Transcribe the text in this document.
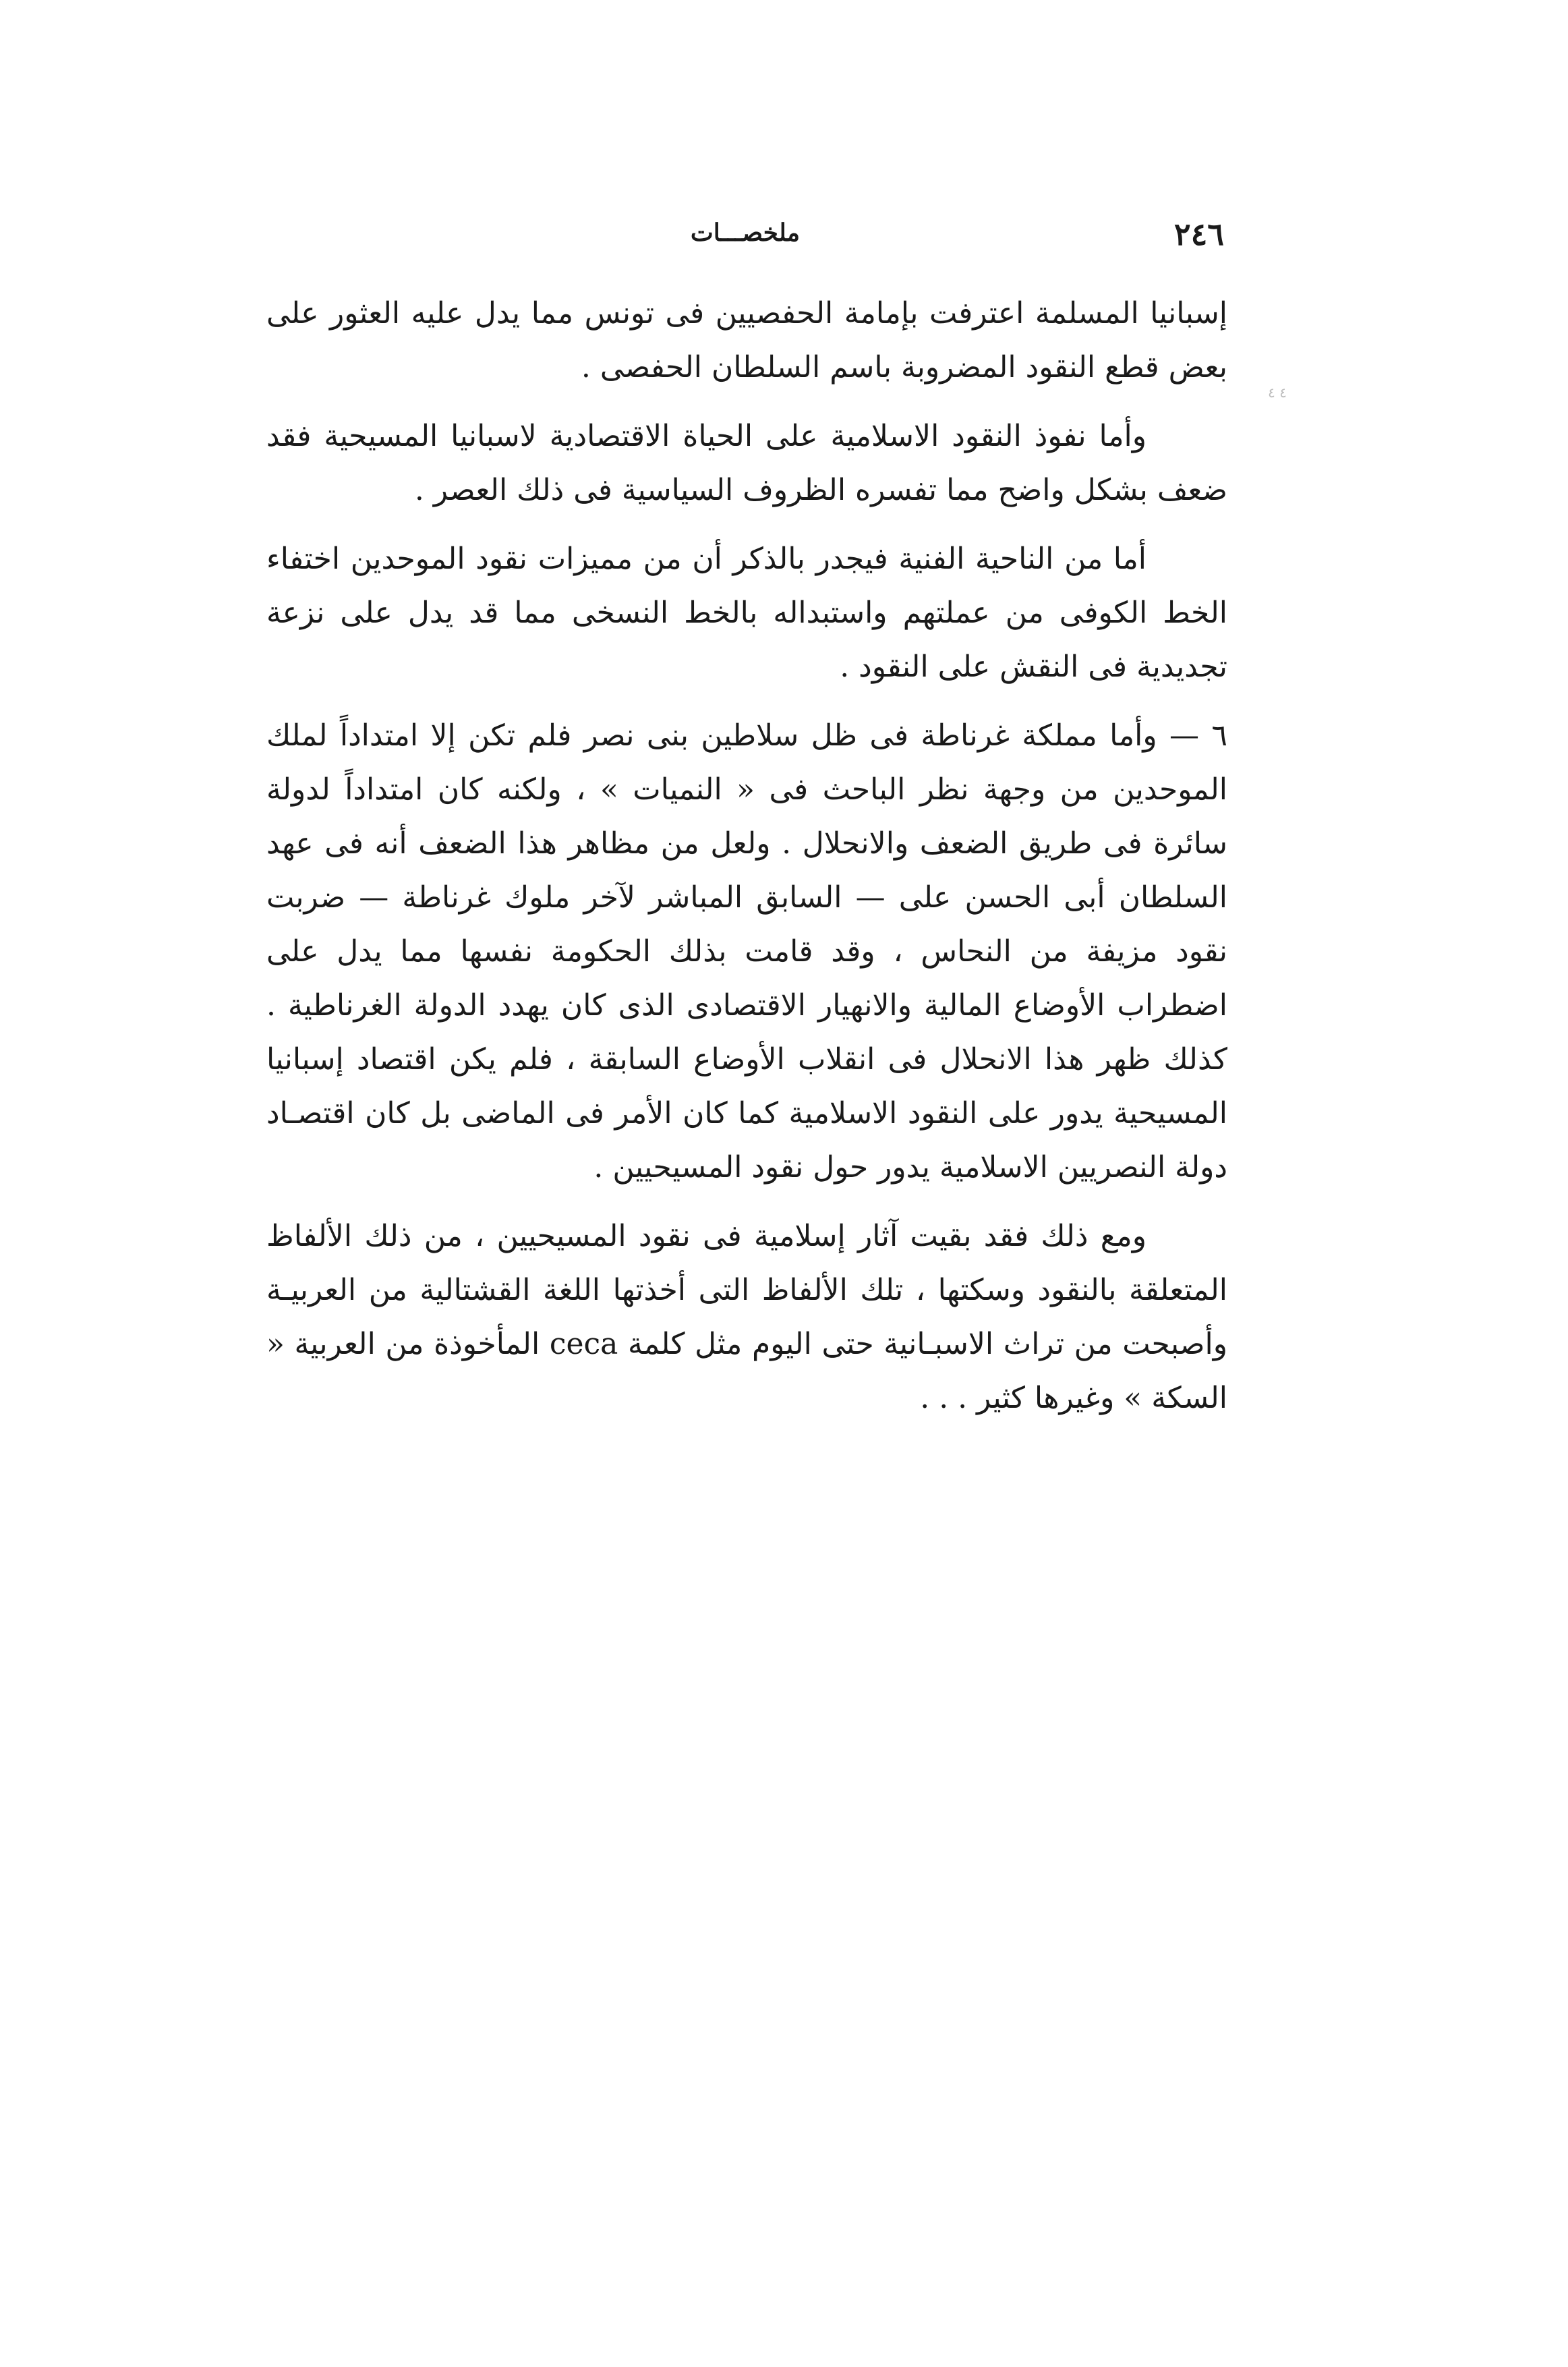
٢٤٦
ملخصـــات
٤ ٤

إسبانيا المسلمة اعترفت بإمامة الحفصيين فى تونس مما يدل عليه العثور على بعض قطع النقود المضروبة باسم السلطان الحفصى .

وأما نفوذ النقود الاسلامية على الحياة الاقتصادية لاسبانيا المسيحية فقد ضعف بشكل واضح مما تفسره الظروف السياسية فى ذلك العصر .

أما من الناحية الفنية فيجدر بالذكر أن من مميزات نقود الموحدين اختفاء الخط الكوفى من عملتهم واستبداله بالخط النسخى مما قد يدل على نزعة تجديدية فى النقش على النقود .

٦ — وأما مملكة غرناطة فى ظل سلاطين بنى نصر فلم تكن إلا امتداداً لملك الموحدين من وجهة نظر الباحث فى « النميات » ، ولكنه كان امتداداً لدولة سائرة فى طريق الضعف والانحلال . ولعل من مظاهر هذا الضعف أنه فى عهد السلطان أبى الحسن على — السابق المباشر لآخر ملوك غرناطة — ضربت نقود مزيفة من النحاس ، وقد قامت بذلك الحكومة نفسها مما يدل على اضطراب الأوضاع المالية والانهيار الاقتصادى الذى كان يهدد الدولة الغرناطية . كذلك ظهر هذا الانحلال فى انقلاب الأوضاع السابقة ، فلم يكن اقتصاد إسبانيا المسيحية يدور على النقود الاسلامية كما كان الأمر فى الماضى بل كان اقتصـاد دولة النصريين الاسلامية يدور حول نقود المسيحيين .

ومع ذلك فقد بقيت آثار إسلامية فى نقود المسيحيين ، من ذلك الألفاظ المتعلقة بالنقود وسكتها ، تلك الألفاظ التى أخذتها اللغة القشتالية من العربيـة وأصبحت من تراث الاسبـانية حتى اليوم مثل كلمة ceca المأخوذة من العربية « السكة » وغيرها كثير . . .
